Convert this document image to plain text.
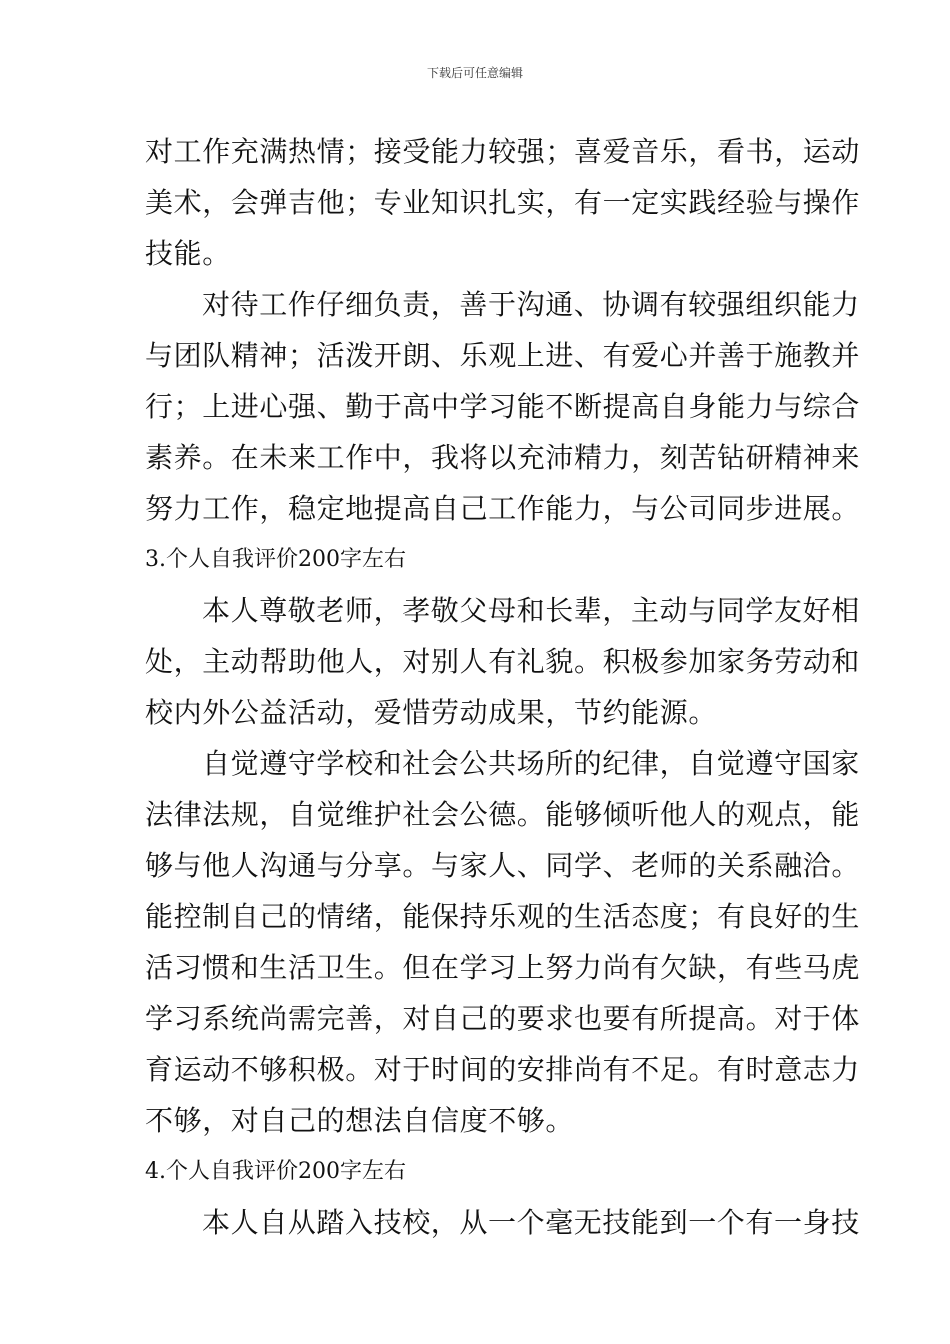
下载后可任意编辑
对工作充满热情；接受能力较强；喜爱音乐，看书，运动
美术，会弹吉他；专业知识扎实，有一定实践经验与操作
技能。
对待工作仔细负责，善于沟通、协调有较强组织能力
与团队精神；活泼开朗、乐观上进、有爱心并善于施教并
行；上进心强、勤于高中学习能不断提高自身能力与综合
素养。在未来工作中，我将以充沛精力，刻苦钻研精神来
努力工作，稳定地提高自己工作能力，与公司同步进展。
3.个人自我评价200字左右
本人尊敬老师，孝敬父母和长辈，主动与同学友好相
处，主动帮助他人，对别人有礼貌。积极参加家务劳动和
校内外公益活动，爱惜劳动成果，节约能源。
自觉遵守学校和社会公共场所的纪律，自觉遵守国家
法律法规，自觉维护社会公德。能够倾听他人的观点，能
够与他人沟通与分享。与家人、同学、老师的关系融洽。
能控制自己的情绪，能保持乐观的生活态度；有良好的生
活习惯和生活卫生。但在学习上努力尚有欠缺，有些马虎
学习系统尚需完善，对自己的要求也要有所提高。对于体
育运动不够积极。对于时间的安排尚有不足。有时意志力
不够，对自己的想法自信度不够。
4.个人自我评价200字左右
本人自从踏入技校，从一个毫无技能到一个有一身技
